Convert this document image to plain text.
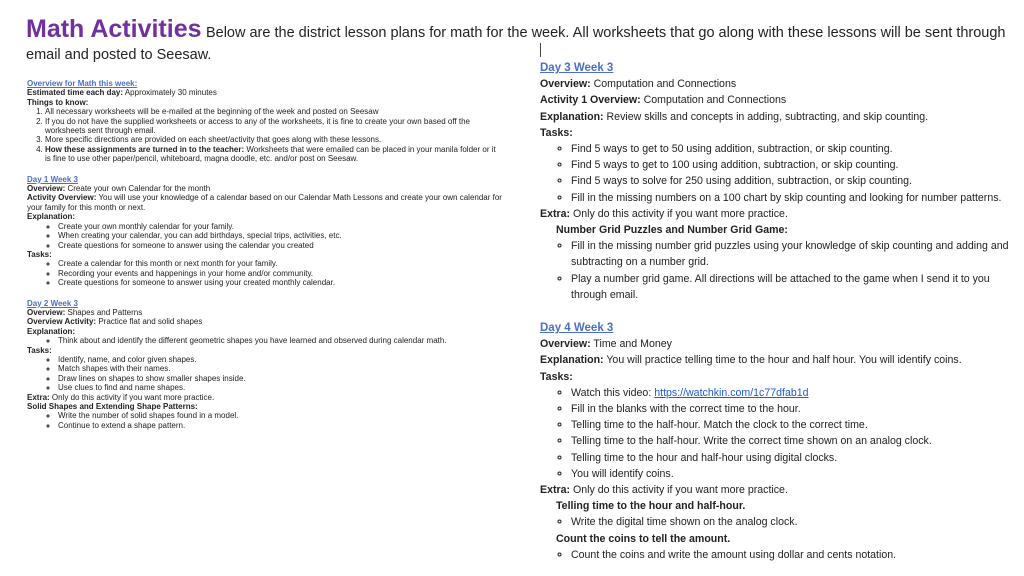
Math Activities Below are the district lesson plans for math for the week. All worksheets that go along with these lessons will be sent through email and posted to Seesaw.
Overview for Math this week:
Estimated time each day: Approximately 30 minutes
Things to know:
1. All necessary worksheets will be e-mailed at the beginning of the week and posted on Seesaw
2. If you do not have the supplied worksheets or access to any of the worksheets, it is fine to create your own based off the worksheets sent through email.
3. More specific directions are provided on each sheet/activity that goes along with these lessons.
4. How these assignments are turned in to the teacher: Worksheets that were emailed can be placed in your manila folder or it is fine to use other paper/pencil, whiteboard, magna doodle, etc. and/or post on Seesaw.
Day 1 Week 3
Overview: Create your own Calendar for the month
Activity Overview: You will use your knowledge of a calendar based on our Calendar Math Lessons and create your own calendar for your family for this month or next.
Explanation:
◦ Create your own monthly calendar for your family.
◦ When creating your calendar, you can add birthdays, special trips, activities, etc.
◦ Create questions for someone to answer using the calendar you created
Tasks:
◦ Create a calendar for this month or next month for your family.
◦ Recording your events and happenings in your home and/or community.
◦ Create questions for someone to answer using your created monthly calendar.
Day 2 Week 3
Overview: Shapes and Patterns
Overview Activity: Practice flat and solid shapes
Explanation:
◦ Think about and identify the different geometric shapes you have learned and observed during calendar math.
Tasks:
◦ Identify, name, and color given shapes.
◦ Match shapes with their names.
◦ Draw lines on shapes to show smaller shapes inside.
◦ Use clues to find and name shapes.
Extra: Only do this activity if you want more practice.
Solid Shapes and Extending Shape Patterns:
◦ Write the number of solid shapes found in a model.
◦ Continue to extend a shape pattern.
Day 3 Week 3
Overview: Computation and Connections
Activity 1 Overview: Computation and Connections
Explanation: Review skills and concepts in adding, subtracting, and skip counting.
Tasks:
◦ Find 5 ways to get to 50 using addition, subtraction, or skip counting.
◦ Find 5 ways to get to 100 using addition, subtraction, or skip counting.
◦ Find 5 ways to solve for 250 using addition, subtraction, or skip counting.
◦ Fill in the missing numbers on a 100 chart by skip counting and looking for number patterns.
Extra: Only do this activity if you want more practice.
Number Grid Puzzles and Number Grid Game:
◦ Fill in the missing number grid puzzles using your knowledge of skip counting and adding and subtracting on a number grid.
◦ Play a number grid game. All directions will be attached to the game when I send it to you through email.
Day 4 Week 3
Overview: Time and Money
Explanation: You will practice telling time to the hour and half hour. You will identify coins.
Tasks:
◦ Watch this video: https://watchkin.com/1c77dfab1d
◦ Fill in the blanks with the correct time to the hour.
◦ Telling time to the half-hour. Match the clock to the correct time.
◦ Telling time to the half-hour. Write the correct time shown on an analog clock.
◦ Telling time to the hour and half-hour using digital clocks.
◦ You will identify coins.
Extra: Only do this activity if you want more practice.
Telling time to the hour and half-hour.
◦ Write the digital time shown on the analog clock.
Count the coins to tell the amount.
◦ Count the coins and write the amount using dollar and cents notation.
